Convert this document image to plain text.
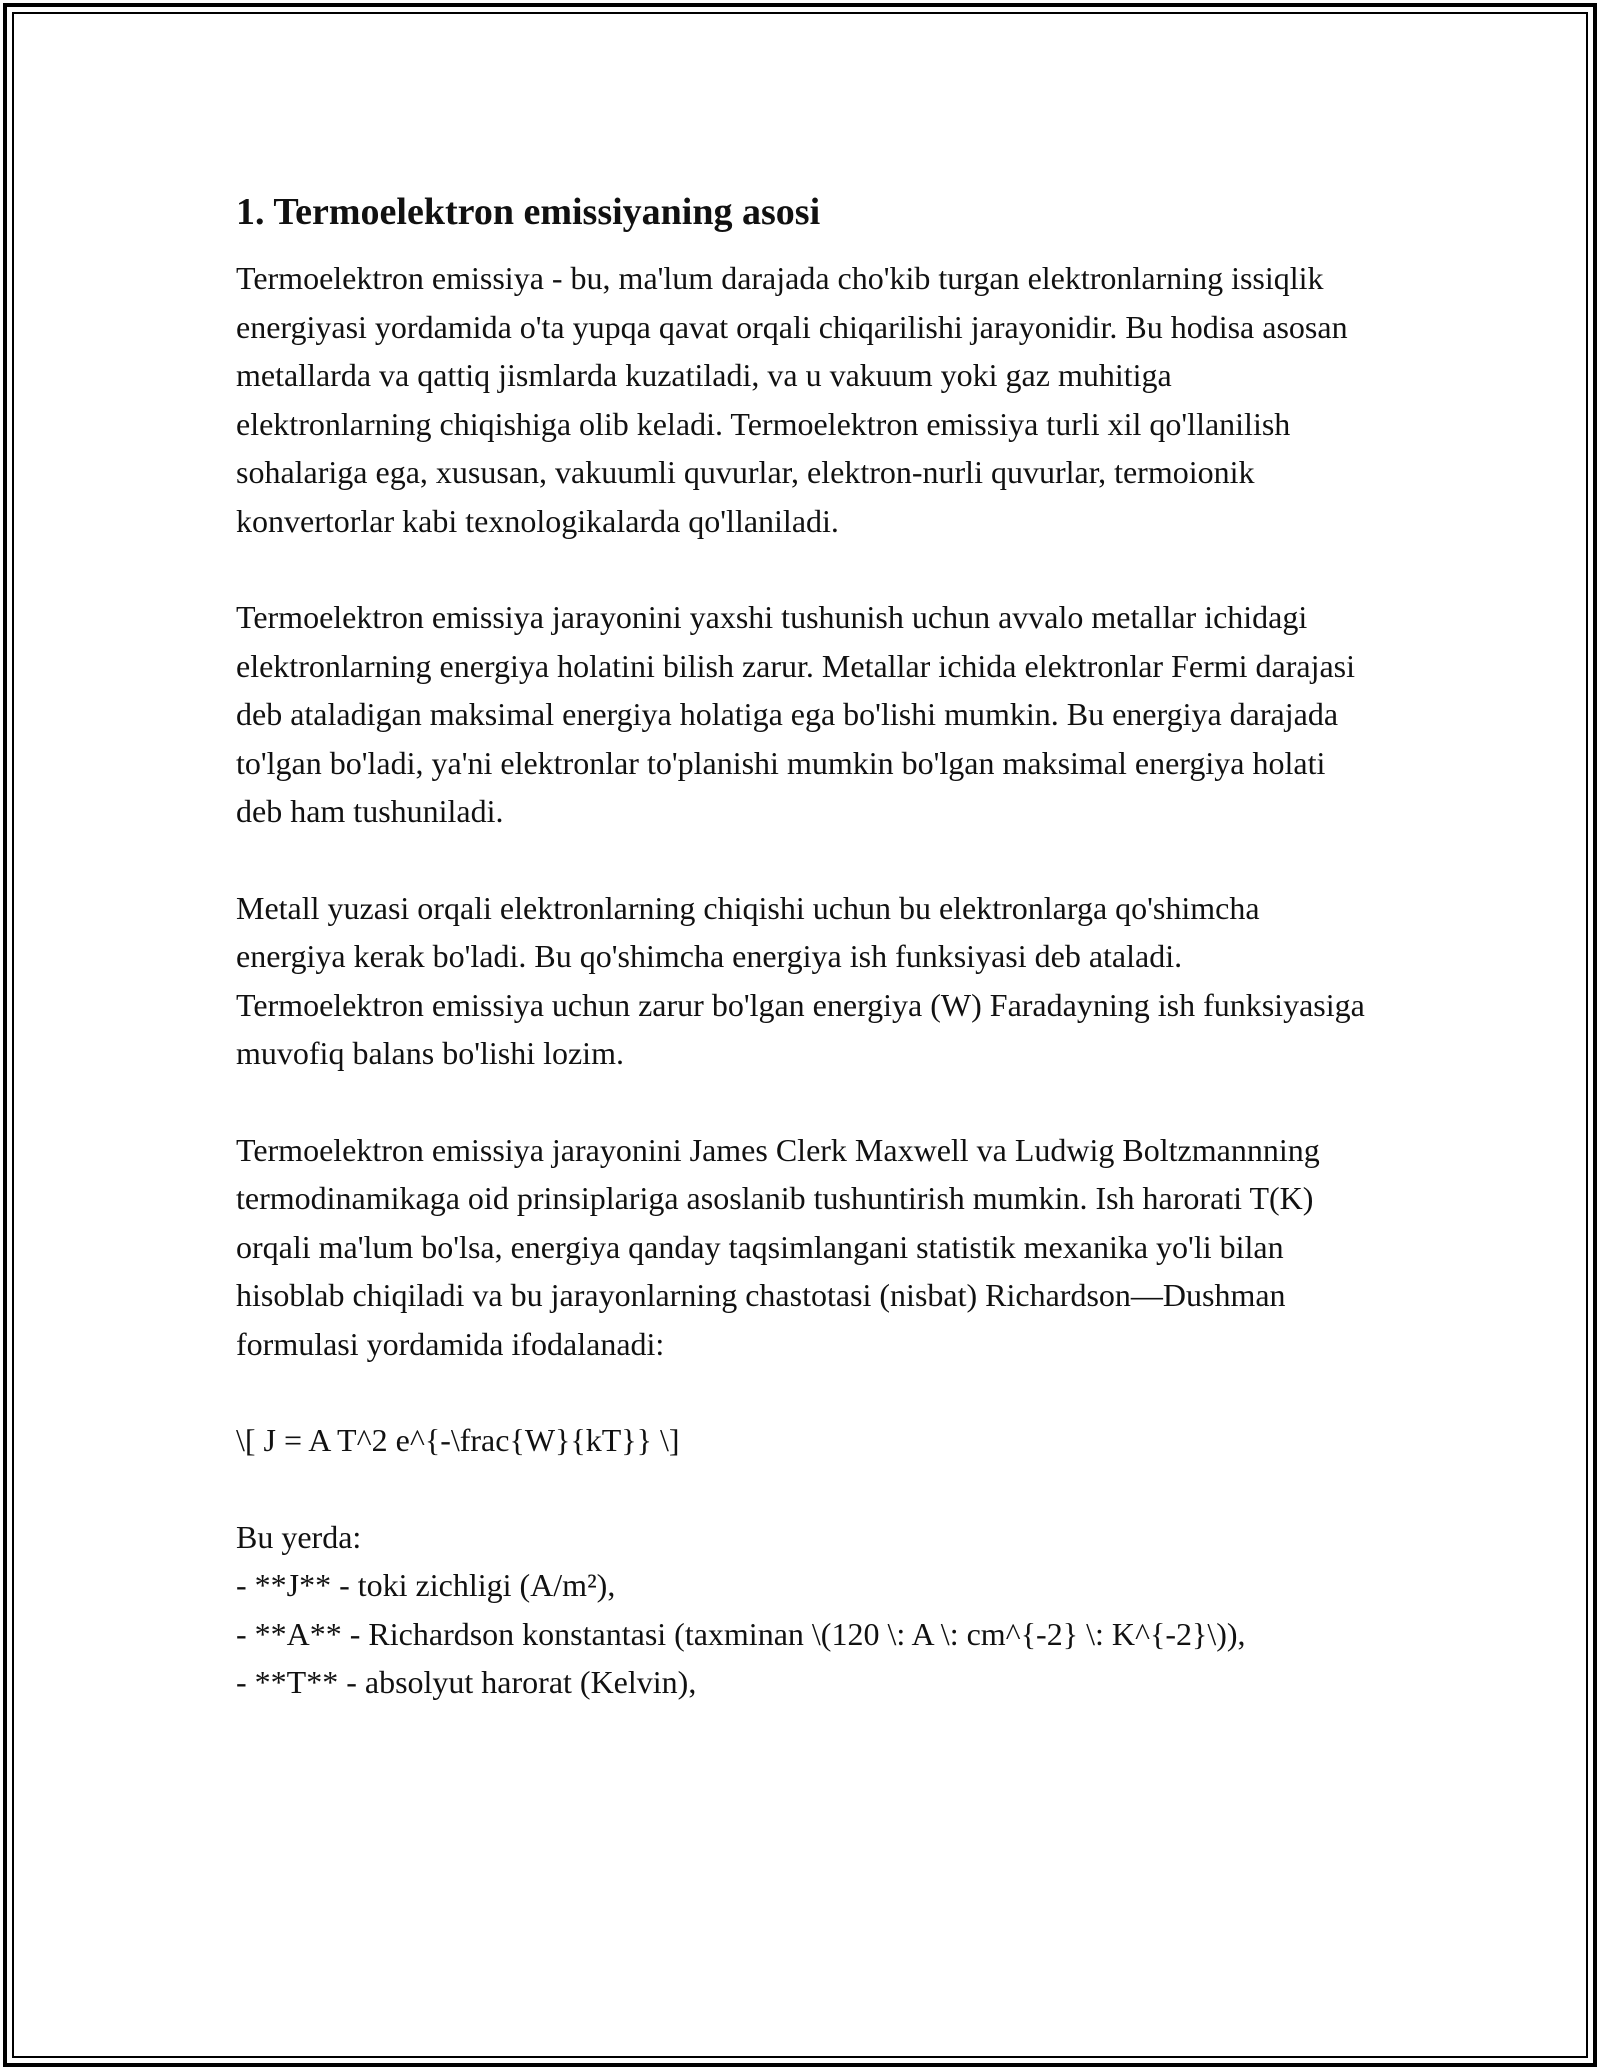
1. Termoelektron emissiyaning asosi

Termoelektron emissiya - bu, ma'lum darajada cho'kib turgan elektronlarning issiqlik energiyasi yordamida o'ta yupqa qavat orqali chiqarilishi jarayonidir. Bu hodisa asosan metallarda va qattiq jismlarda kuzatiladi, va u vakuum yoki gaz muhitiga elektronlarning chiqishiga olib keladi. Termoelektron emissiya turli xil qo'llanilish sohalariga ega, xususan, vakuumli quvurlar, elektron-nurli quvurlar, termoionik konvertorlar kabi texnologikalarda qo'llaniladi.

Termoelektron emissiya jarayonini yaxshi tushunish uchun avvalo metallar ichidagi elektronlarning energiya holatini bilish zarur. Metallar ichida elektronlar Fermi darajasi deb ataladigan maksimal energiya holatiga ega bo'lishi mumkin. Bu energiya darajada to'lgan bo'ladi, ya'ni elektronlar to'planishi mumkin bo'lgan maksimal energiya holati deb ham tushuniladi.

Metall yuzasi orqali elektronlarning chiqishi uchun bu elektronlarga qo'shimcha energiya kerak bo'ladi. Bu qo'shimcha energiya ish funksiyasi deb ataladi. Termoelektron emissiya uchun zarur bo'lgan energiya (W) Faradayning ish funksiyasiga muvofiq balans bo'lishi lozim.

Termoelektron emissiya jarayonini James Clerk Maxwell va Ludwig Boltzmannning termodinamikaga oid prinsiplariga asoslanib tushuntirish mumkin. Ish harorati T(K) orqali ma'lum bo'lsa, energiya qanday taqsimlangani statistik mexanika yo'li bilan hisoblab chiqiladi va bu jarayonlarning chastotasi (nisbat) Richardson—Dushman formulasi yordamida ifodalanadi:

\[ J = A T^2 e^{-\frac{W}{kT}} \]

Bu yerda:
- **J** - toki zichligi (A/m²),
- **A** - Richardson konstantasi (taxminan \(120 \: A \: cm^{-2} \: K^{-2}\)),
- **T** - absolyut harorat (Kelvin),
